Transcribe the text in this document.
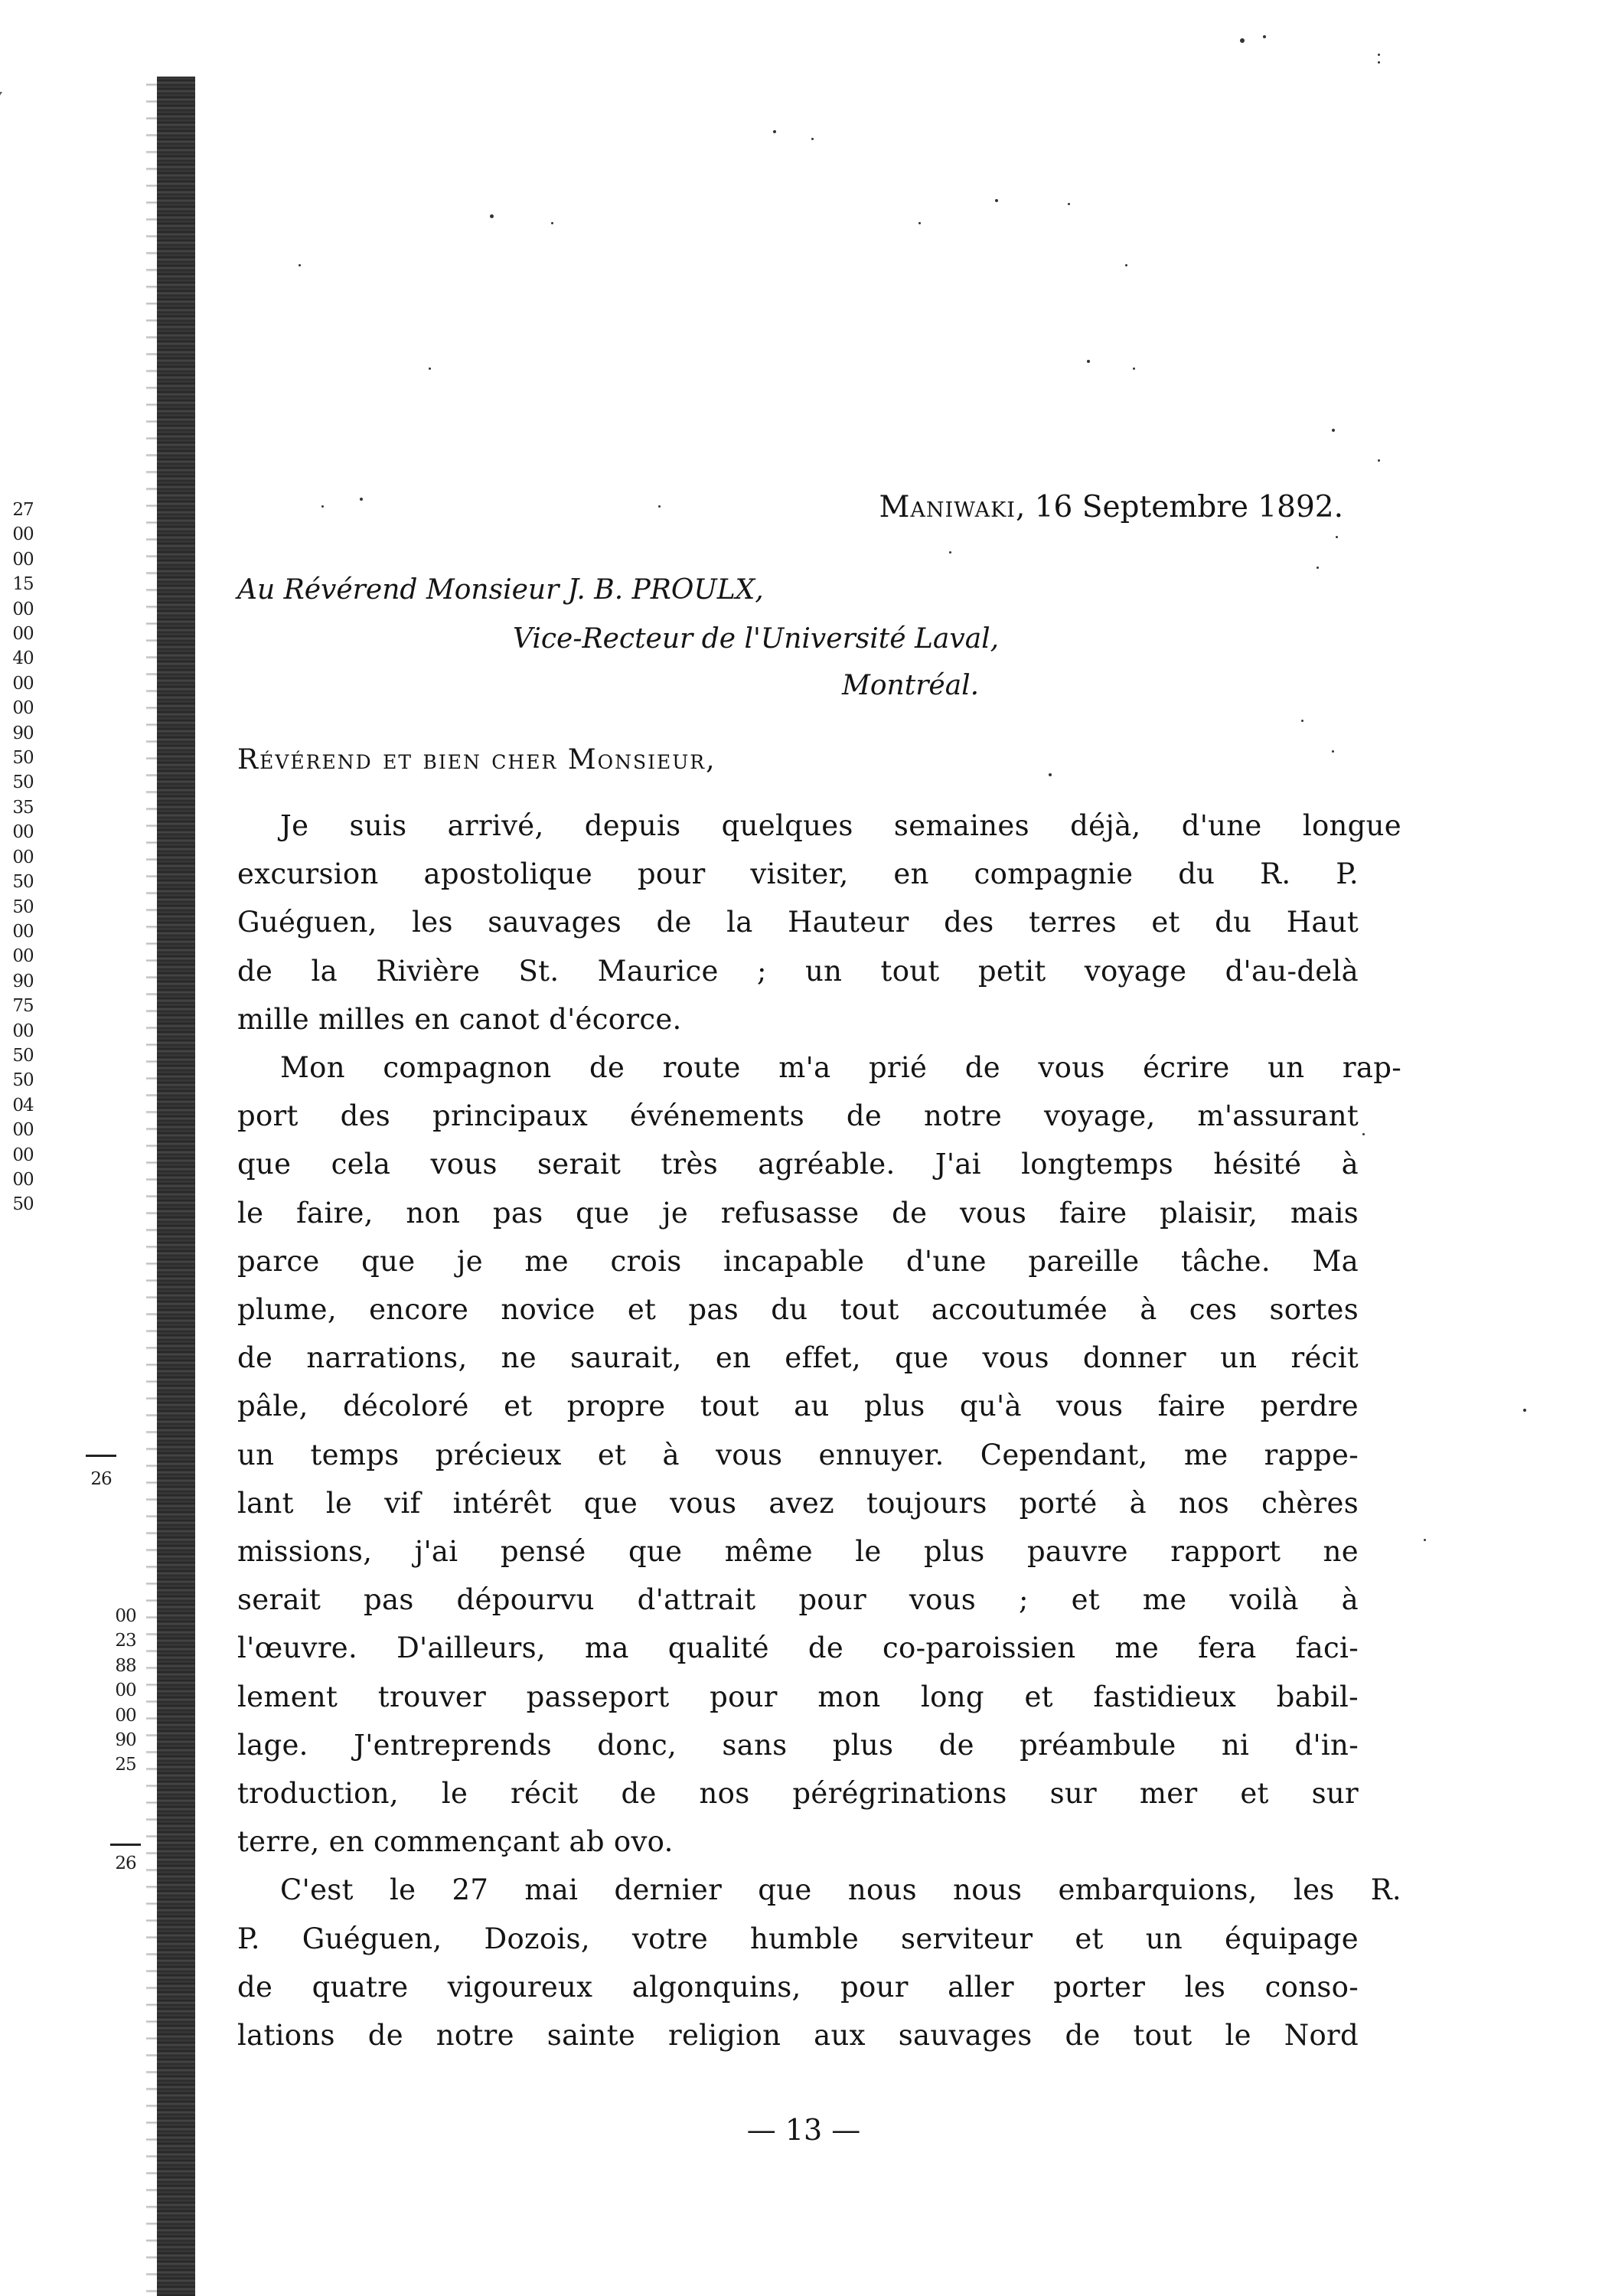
27
00
00
15
00
00
40
00
00
90
50
50
35
00
00
50
50
00
00
90
75
00
50
50
04
00
00
00
50
26
00
23
88
00
00
90
25
26
Maniwaki, 16 Septembre 1892.
Au Révérend Monsieur J. B. PROULX,
Vice-Recteur de l'Université Laval,
Montréal.
Révérend et bien cher Monsieur,
Je suis arrivé, depuis quelques semaines déjà, d'une longue
excursion apostolique pour visiter, en compagnie du R. P.
Guéguen, les sauvages de la Hauteur des terres et du Haut
de la Rivière St. Maurice ; un tout petit voyage d'au-delà
mille milles en canot d'écorce.
Mon compagnon de route m'a prié de vous écrire un rap-
port des principaux événements de notre voyage, m'assurant
que cela vous serait très agréable. J'ai longtemps hésité à
le faire, non pas que je refusasse de vous faire plaisir, mais
parce que je me crois incapable d'une pareille tâche. Ma
plume, encore novice et pas du tout accoutumée à ces sortes
de narrations, ne saurait, en effet, que vous donner un récit
pâle, décoloré et propre tout au plus qu'à vous faire perdre
un temps précieux et à vous ennuyer. Cependant, me rappe-
lant le vif intérêt que vous avez toujours porté à nos chères
missions, j'ai pensé que même le plus pauvre rapport ne
serait pas dépourvu d'attrait pour vous ; et me voilà à
l'œuvre. D'ailleurs, ma qualité de co-paroissien me fera faci-
lement trouver passeport pour mon long et fastidieux babil-
lage. J'entreprends donc, sans plus de préambule ni d'in-
troduction, le récit de nos pérégrinations sur mer et sur
terre, en commençant ab ovo.
C'est le 27 mai dernier que nous nous embarquions, les R.
P. Guéguen, Dozois, votre humble serviteur et un équipage
de quatre vigoureux algonquins, pour aller porter les conso-
lations de notre sainte religion aux sauvages de tout le Nord
— 13 —
